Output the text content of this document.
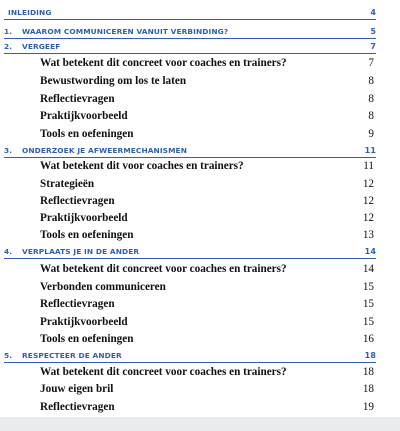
INLEIDING	4
1.	WAAROM COMMUNICEREN VANUIT VERBINDING?	5
2.	VERGEEF	7
Wat betekent dit concreet voor coaches en trainers?	7
Bewustwording om los te laten	8
Reflectievragen	8
Praktijkvoorbeeld	8
Tools en oefeningen	9
3.	ONDERZOEK JE AFWEERMECHANISMEN	11
Wat betekent dit voor coaches en trainers?	11
Strategieën	12
Reflectievragen	12
Praktijkvoorbeeld	12
Tools en oefeningen	13
4.	VERPLAATS JE IN DE ANDER	14
Wat betekent dit concreet voor coaches en trainers?	14
Verbonden communiceren	15
Reflectievragen	15
Praktijkvoorbeeld	15
Tools en oefeningen	16
5.	RESPECTEER DE ANDER	18
Wat betekent dit concreet voor coaches en trainers?	18
Jouw eigen bril	18
Reflectievragen	19
